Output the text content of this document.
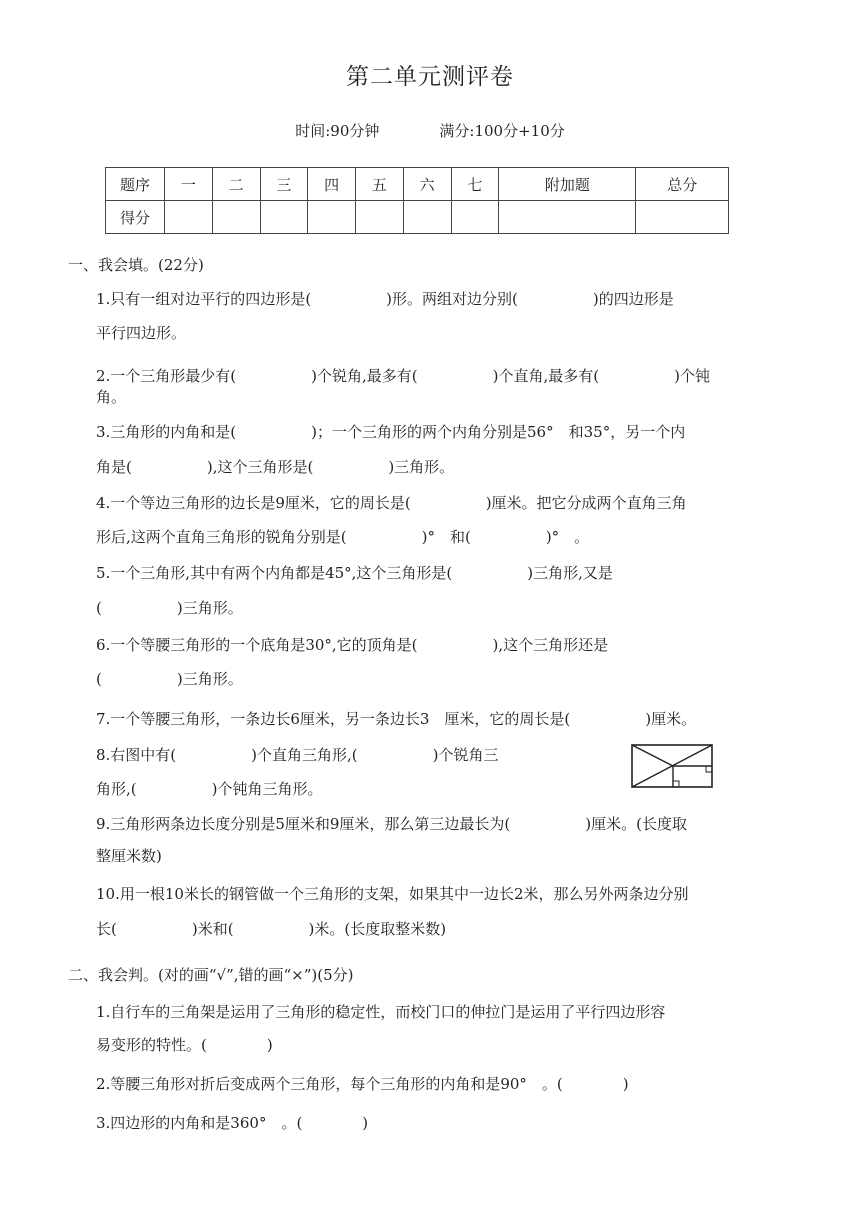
第二单元测评卷
时间:90分钟	满分:100分+10分
题序	一	二	三	四	五	六	七	附加题	总分
得分									
一、我会填。(22分)
1.只有一组对边平行的四边形是(　　　　　)形。两组对边分别(　　　　　)的四边形是
平行四边形。
2.一个三角形最少有(　　　　　)个锐角,最多有(　　　　　)个直角,最多有(　　　　　)个钝
角。
3.三角形的内角和是(　　　　　)；一个三角形的两个内角分别是56°　和35°，另一个内
角是(　　　　　),这个三角形是(　　　　　)三角形。
4.一个等边三角形的边长是9厘米，它的周长是(　　　　　)厘米。把它分成两个直角三角
形后,这两个直角三角形的锐角分别是(　　　　　)°　和(　　　　　)°　。
5.一个三角形,其中有两个内角都是45°,这个三角形是(　　　　　)三角形,又是
(　　　　　)三角形。
6.一个等腰三角形的一个底角是30°,它的顶角是(　　　　　),这个三角形还是
(　　　　　)三角形。
7.一个等腰三角形，一条边长6厘米，另一条边长3　厘米，它的周长是(　　　　　)厘米。
8.右图中有(　　　　　)个直角三角形,(　　　　　)个锐角三
角形,(　　　　　)个钝角三角形。
9.三角形两条边长度分别是5厘米和9厘米，那么第三边最长为(　　　　　)厘米。(长度取
整厘米数)
10.用一根10米长的钢管做一个三角形的支架，如果其中一边长2米，那么另外两条边分别
长(　　　　　)米和(　　　　　)米。(长度取整米数)
二、我会判。(对的画“√”,错的画“×”)(5分)
1.自行车的三角架是运用了三角形的稳定性，而校门口的伸拉门是运用了平行四边形容
易变形的特性。(　　　　)
2.等腰三角形对折后变成两个三角形，每个三角形的内角和是90°　。(　　　　)
3.四边形的内角和是360°　。(　　　　)
